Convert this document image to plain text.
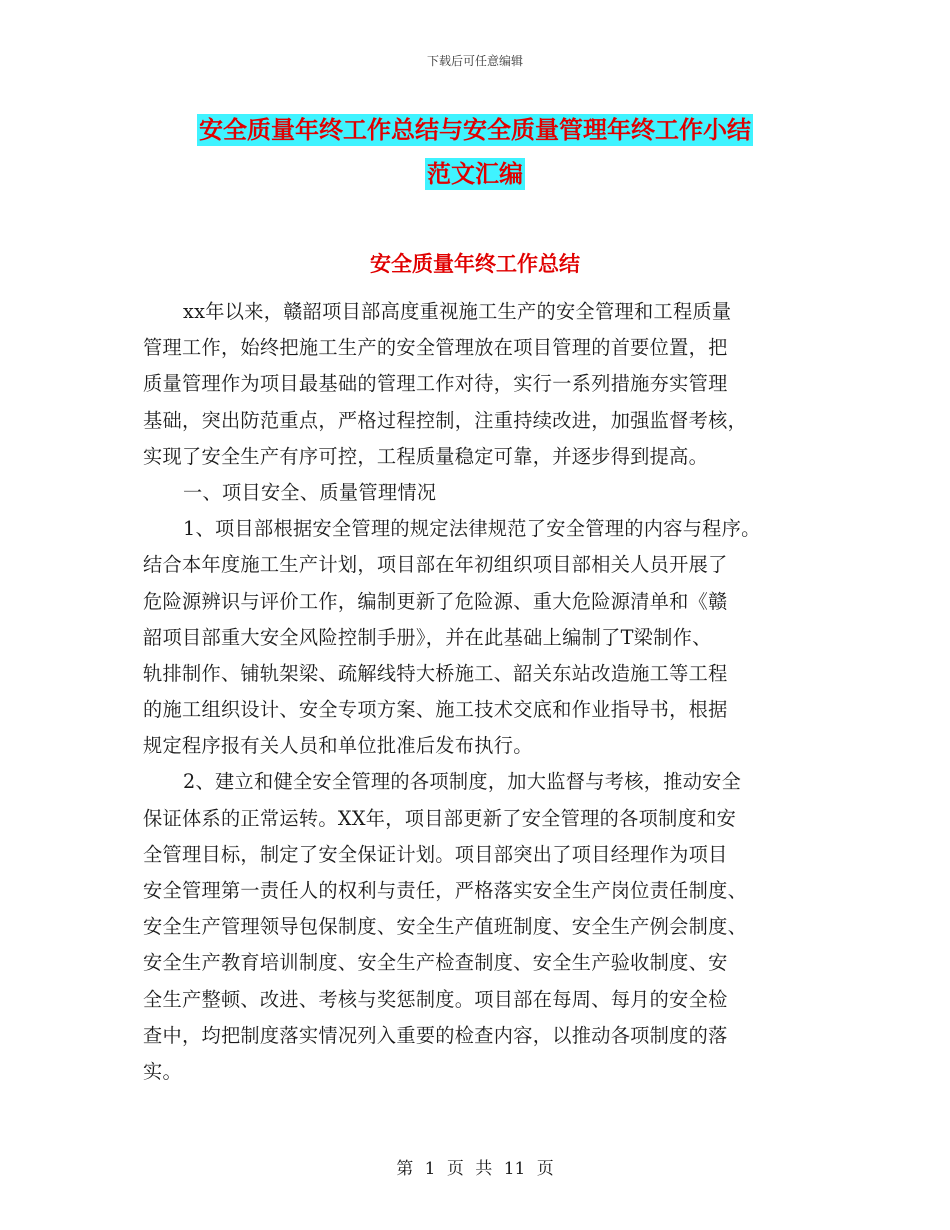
下载后可任意编辑
安全质量年终工作总结与安全质量管理年终工作小结
范文汇编
安全质量年终工作总结
xx年以来，赣韶项目部高度重视施工生产的安全管理和工程质量
管理工作，始终把施工生产的安全管理放在项目管理的首要位置，把
质量管理作为项目最基础的管理工作对待，实行一系列措施夯实管理
基础，突出防范重点，严格过程控制，注重持续改进，加强监督考核，
实现了安全生产有序可控，工程质量稳定可靠，并逐步得到提高。
一、项目安全、质量管理情况
1、项目部根据安全管理的规定法律规范了安全管理的内容与程序。
结合本年度施工生产计划，项目部在年初组织项目部相关人员开展了
危险源辨识与评价工作，编制更新了危险源、重大危险源清单和《赣
韶项目部重大安全风险控制手册》，并在此基础上编制了T梁制作、
轨排制作、铺轨架梁、疏解线特大桥施工、韶关东站改造施工等工程
的施工组织设计、安全专项方案、施工技术交底和作业指导书，根据
规定程序报有关人员和单位批准后发布执行。
2、建立和健全安全管理的各项制度，加大监督与考核，推动安全
保证体系的正常运转。XX年，项目部更新了安全管理的各项制度和安
全管理目标，制定了安全保证计划。项目部突出了项目经理作为项目
安全管理第一责任人的权利与责任，严格落实安全生产岗位责任制度、
安全生产管理领导包保制度、安全生产值班制度、安全生产例会制度、
安全生产教育培训制度、安全生产检查制度、安全生产验收制度、安
全生产整顿、改进、考核与奖惩制度。项目部在每周、每月的安全检
查中，均把制度落实情况列入重要的检查内容，以推动各项制度的落
实。
第 1 页 共 11 页
